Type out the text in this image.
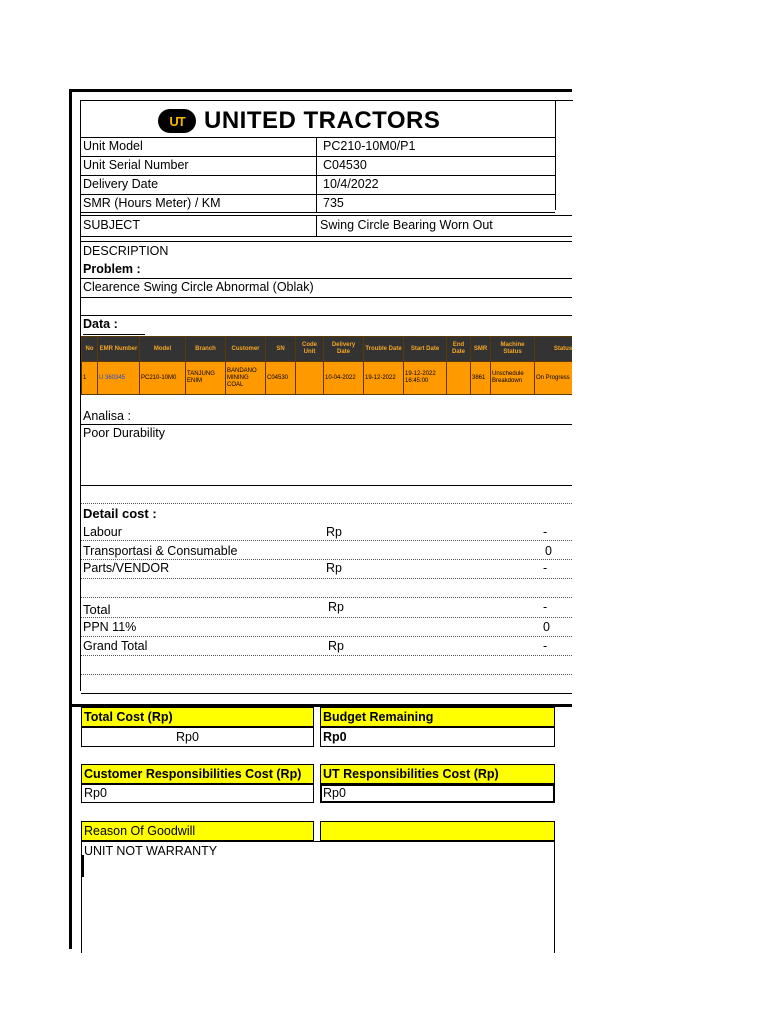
UT UNITED TRACTORS
Unit Model	PC210-10M0/P1
Unit Serial Number	C04530
Delivery Date	10/4/2022
SMR (Hours Meter) / KM	735
SUBJECT	Swing Circle Bearing Worn Out
DESCRIPTION
Problem :
Clearence Swing Circle Abnormal (Oblak)
Data :
No	EMR Number	Model	Branch	Customer	SN	Code Unit	Delivery Date	Trouble Date	Start Date	End Date	SMR	Machine Status	Status
1	U 360345	PC210-10M0	TANJUNG ENIM	BANDANO MINING COAL	C04530		10-04-2022	19-12-2022	19-12-2022 16:45:00		3861	Unschedule Breakdown	On Progress
Analisa :
Poor Durability
Detail cost :
Labour	Rp	-
Transportasi & Consumable	0
Parts/VENDOR	Rp	-
Total	Rp	-
PPN 11%	0
Grand Total	Rp	-
Total Cost (Rp)
Rp0
Budget Remaining
Rp0
Customer Responsibilities Cost (Rp)
Rp0
UT Responsibilities Cost (Rp)
Rp0
Reason Of Goodwill
UNIT NOT WARRANTY
